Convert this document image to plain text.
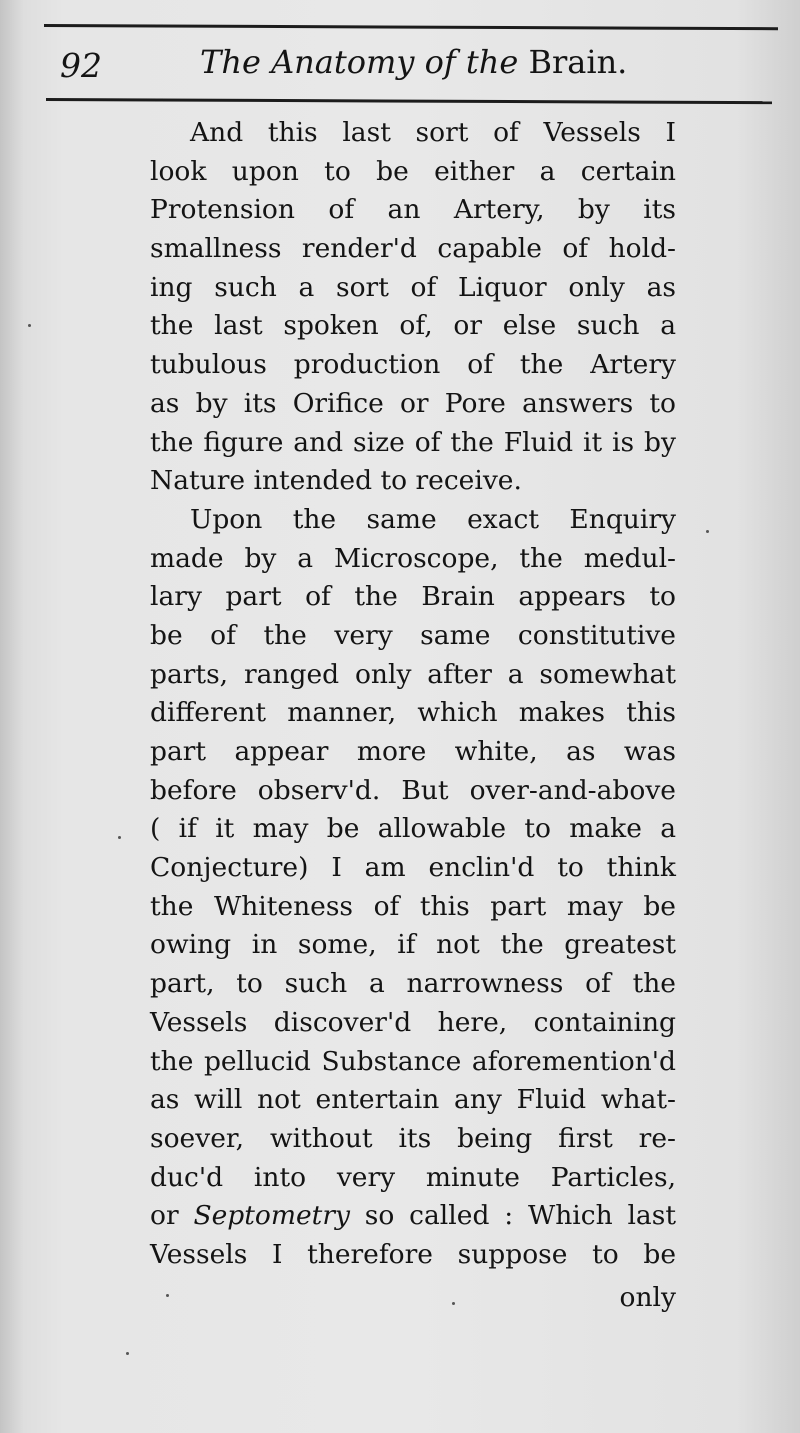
92	The Anatomy of the Brain.
And this last sort of Vessels I
look upon to be either a certain
Protension of an Artery, by its
smallness render'd capable of hold-
ing such a sort of Liquor only as
the last spoken of, or else such a
tubulous production of the Artery
as by its Orifice or Pore answers to
the figure and size of the Fluid it is by
Nature intended to receive.
Upon the same exact Enquiry
made by a Microscope, the medul-
lary part of the Brain appears to
be of the very same constitutive
parts, ranged only after a somewhat
different manner, which makes this
part appear more white, as was
before observ'd. But over-and-above
( if it may be allowable to make a
Conjecture) I am enclin'd to think
the Whiteness of this part may be
owing in some, if not the greatest
part, to such a narrowness of the
Vessels discover'd here, containing
the pellucid Substance aforemention'd
as will not entertain any Fluid what-
soever, without its being first re-
duc'd into very minute Particles,
or Septometry so called : Which last
Vessels I therefore suppose to be
only
